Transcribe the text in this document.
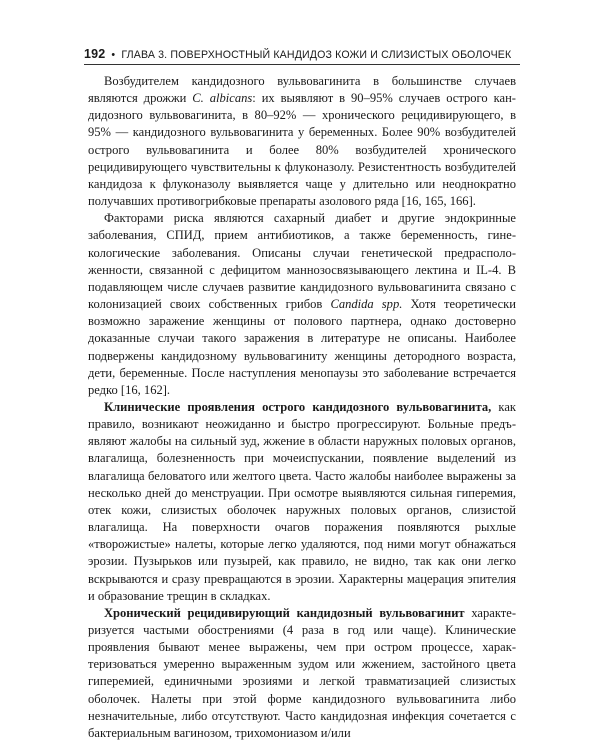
192 • ГЛАВА 3. ПОВЕРХНОСТНЫЙ КАНДИДОЗ КОЖИ И СЛИЗИСТЫХ ОБОЛОЧЕК

Возбудителем кандидозного вульвовагинита в большинстве случаев являются дрожжи C. albicans: их выявляют в 90–95% случаев острого кандидозного вульвовагинита, в 80–92% — хронического рецидивирующего, в 95% — кандидозного вульвовагинита у беременных. Более 90% возбудителей острого вульвовагинита и более 80% возбудителей хронического рецидивирующего чувствительны к флуконазолу. Резистентность возбудителей кандидоза к флуконазолу выявляется чаще у длительно или неоднократно получавших противогрибковые препараты азолового ряда [16, 165, 166].

Факторами риска являются сахарный диабет и другие эндокринные заболевания, СПИД, прием антибиотиков, а также беременность, гинекологические заболевания. Описаны случаи генетической предрасположенности, связанной с дефицитом маннозосвязывающего лектина и IL-4. В подавляющем числе случаев развитие кандидозного вульвовагинита связано с колонизацией своих собственных грибов Candida spp. Хотя теоретически возможно заражение женщины от полового партнера, однако достоверно доказанные случаи такого заражения в литературе не описаны. Наиболее подвержены кандидозному вульвовагиниту женщины детородного возраста, дети, беременные. После наступления менопаузы это заболевание встречается редко [16, 162].

Клинические проявления острого кандидозного вульвовагинита, как правило, возникают неожиданно и быстро прогрессируют. Больные предъявляют жалобы на сильный зуд, жжение в области наружных половых органов, влагалища, болезненность при мочеиспускании, появление выделений из влагалища беловатого или желтого цвета. Часто жалобы наиболее выражены за несколько дней до менструации. При осмотре выявляются сильная гиперемия, отек кожи, слизистых оболочек наружных половых органов, слизистой влагалища. На поверхности очагов поражения появляются рыхлые «творожистые» налеты, которые легко удаляются, под ними могут обнажаться эрозии. Пузырьков или пузырей, как правило, не видно, так как они легко вскрываются и сразу превращаются в эрозии. Характерны мацерация эпителия и образование трещин в складках.

Хронический рецидивирующий кандидозный вульвовагинит характеризуется частыми обострениями (4 раза в год или чаще). Клинические проявления бывают менее выражены, чем при остром процессе, характеризоваться умеренно выраженным зудом или жжением, застойного цвета гиперемией, единичными эрозиями и легкой травматизацией слизистых оболочек. Налеты при этой форме кандидозного вульвовагинита либо незначительные, либо отсутствуют. Часто кандидозная инфекция сочетается с бактериальным вагинозом, трихомониазом и/или
